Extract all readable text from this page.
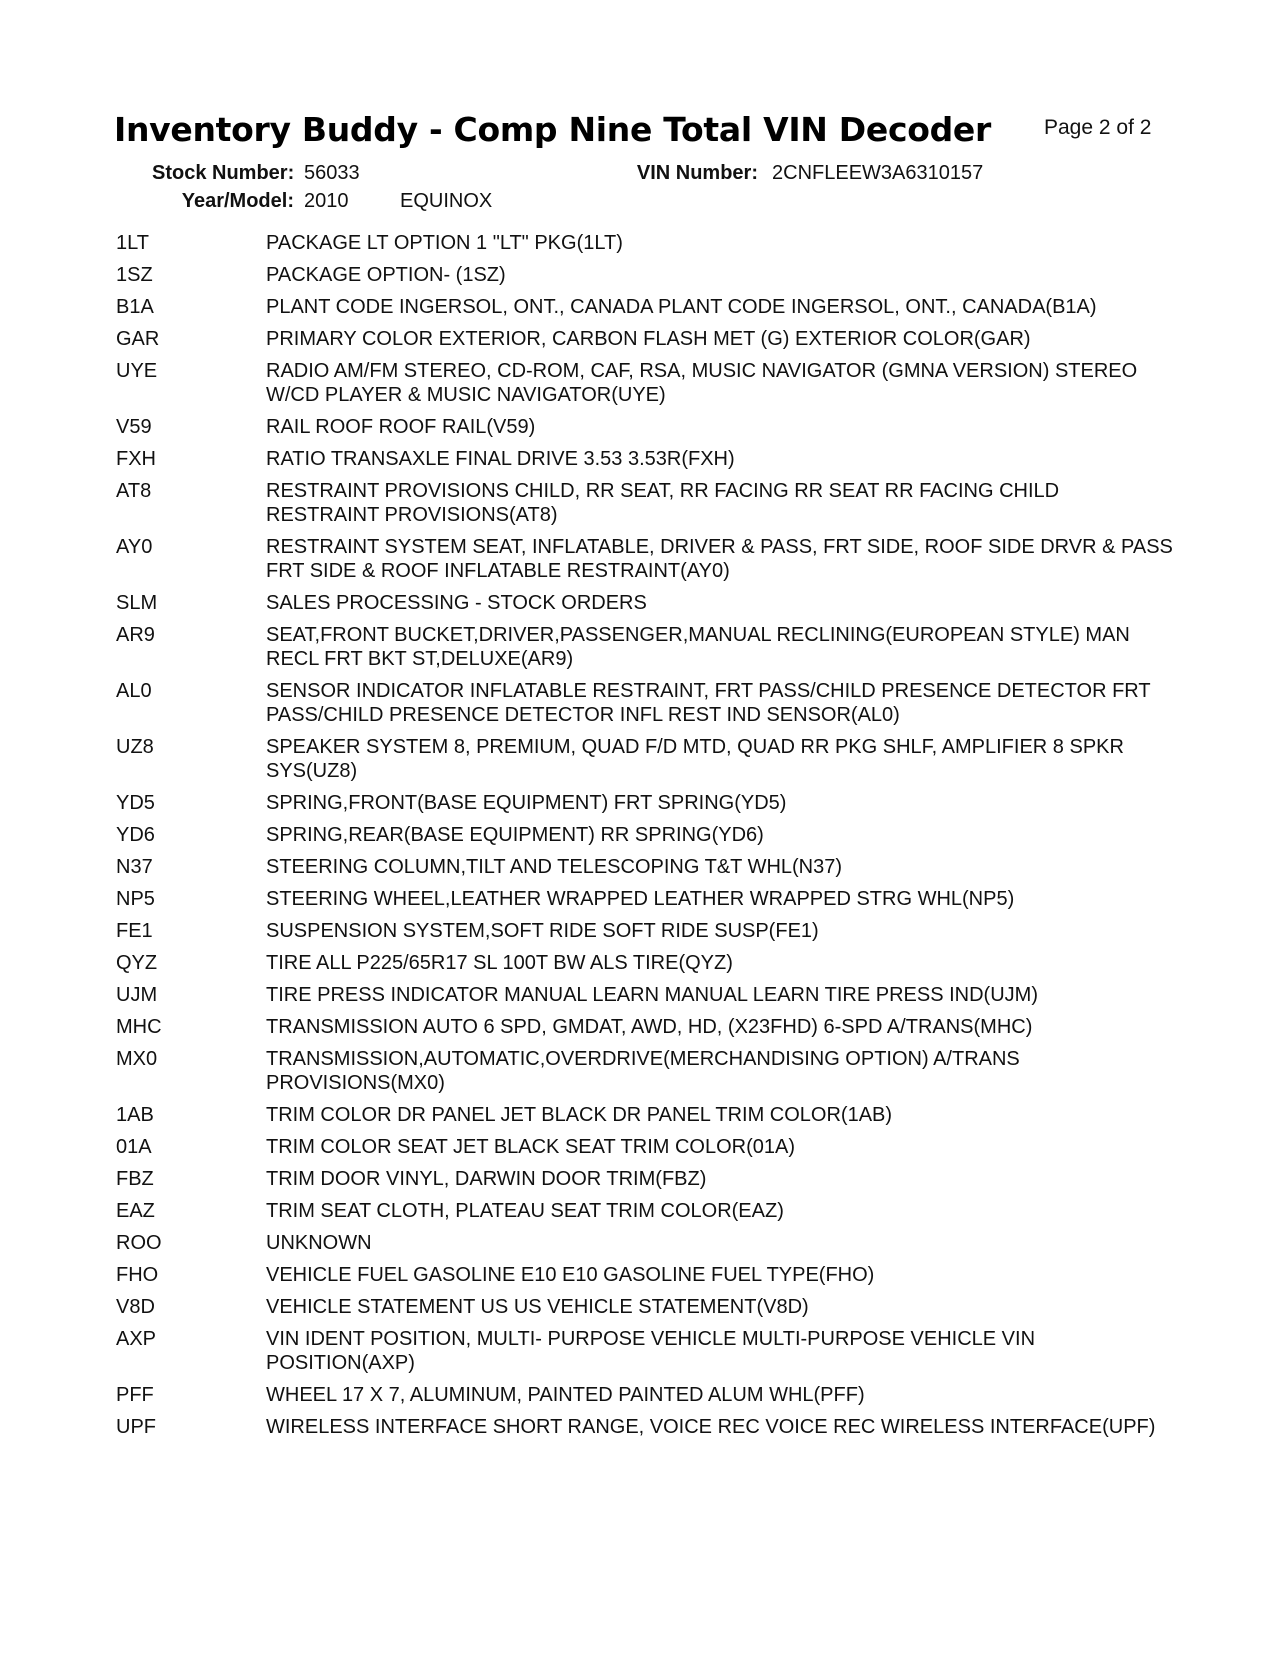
Inventory Buddy - Comp Nine Total VIN Decoder	Page 2 of 2
Stock Number: 56033	VIN Number: 2CNFLEEW3A6310157
Year/Model: 2010	EQUINOX
1LT	PACKAGE LT OPTION 1 "LT" PKG(1LT)
1SZ	PACKAGE OPTION- (1SZ)
B1A	PLANT CODE INGERSOL, ONT., CANADA PLANT CODE INGERSOL, ONT., CANADA(B1A)
GAR	PRIMARY COLOR EXTERIOR, CARBON FLASH MET (G) EXTERIOR COLOR(GAR)
UYE	RADIO AM/FM STEREO, CD-ROM, CAF, RSA, MUSIC NAVIGATOR (GMNA VERSION) STEREO W/CD PLAYER & MUSIC NAVIGATOR(UYE)
V59	RAIL ROOF ROOF RAIL(V59)
FXH	RATIO TRANSAXLE FINAL DRIVE 3.53 3.53R(FXH)
AT8	RESTRAINT PROVISIONS CHILD, RR SEAT, RR FACING RR SEAT RR FACING CHILD RESTRAINT PROVISIONS(AT8)
AY0	RESTRAINT SYSTEM SEAT, INFLATABLE, DRIVER & PASS, FRT SIDE, ROOF SIDE DRVR & PASS FRT SIDE & ROOF INFLATABLE RESTRAINT(AY0)
SLM	SALES PROCESSING - STOCK ORDERS
AR9	SEAT,FRONT BUCKET,DRIVER,PASSENGER,MANUAL RECLINING(EUROPEAN STYLE) MAN RECL FRT BKT ST,DELUXE(AR9)
AL0	SENSOR INDICATOR INFLATABLE RESTRAINT, FRT PASS/CHILD PRESENCE DETECTOR FRT PASS/CHILD PRESENCE DETECTOR INFL REST IND SENSOR(AL0)
UZ8	SPEAKER SYSTEM 8, PREMIUM, QUAD F/D MTD, QUAD RR PKG SHLF, AMPLIFIER 8 SPKR SYS(UZ8)
YD5	SPRING,FRONT(BASE EQUIPMENT) FRT SPRING(YD5)
YD6	SPRING,REAR(BASE EQUIPMENT) RR SPRING(YD6)
N37	STEERING COLUMN,TILT AND TELESCOPING T&T WHL(N37)
NP5	STEERING WHEEL,LEATHER WRAPPED LEATHER WRAPPED STRG WHL(NP5)
FE1	SUSPENSION SYSTEM,SOFT RIDE SOFT RIDE SUSP(FE1)
QYZ	TIRE ALL P225/65R17 SL 100T BW ALS TIRE(QYZ)
UJM	TIRE PRESS INDICATOR MANUAL LEARN MANUAL LEARN TIRE PRESS IND(UJM)
MHC	TRANSMISSION AUTO 6 SPD, GMDAT, AWD, HD, (X23FHD) 6-SPD A/TRANS(MHC)
MX0	TRANSMISSION,AUTOMATIC,OVERDRIVE(MERCHANDISING OPTION) A/TRANS PROVISIONS(MX0)
1AB	TRIM COLOR DR PANEL JET BLACK DR PANEL TRIM COLOR(1AB)
01A	TRIM COLOR SEAT JET BLACK SEAT TRIM COLOR(01A)
FBZ	TRIM DOOR VINYL, DARWIN DOOR TRIM(FBZ)
EAZ	TRIM SEAT CLOTH, PLATEAU SEAT TRIM COLOR(EAZ)
ROO	UNKNOWN
FHO	VEHICLE FUEL GASOLINE E10 E10 GASOLINE FUEL TYPE(FHO)
V8D	VEHICLE STATEMENT US US VEHICLE STATEMENT(V8D)
AXP	VIN IDENT POSITION, MULTI- PURPOSE VEHICLE MULTI-PURPOSE VEHICLE VIN POSITION(AXP)
PFF	WHEEL 17 X 7, ALUMINUM, PAINTED PAINTED ALUM WHL(PFF)
UPF	WIRELESS INTERFACE SHORT RANGE, VOICE REC VOICE REC WIRELESS INTERFACE(UPF)
